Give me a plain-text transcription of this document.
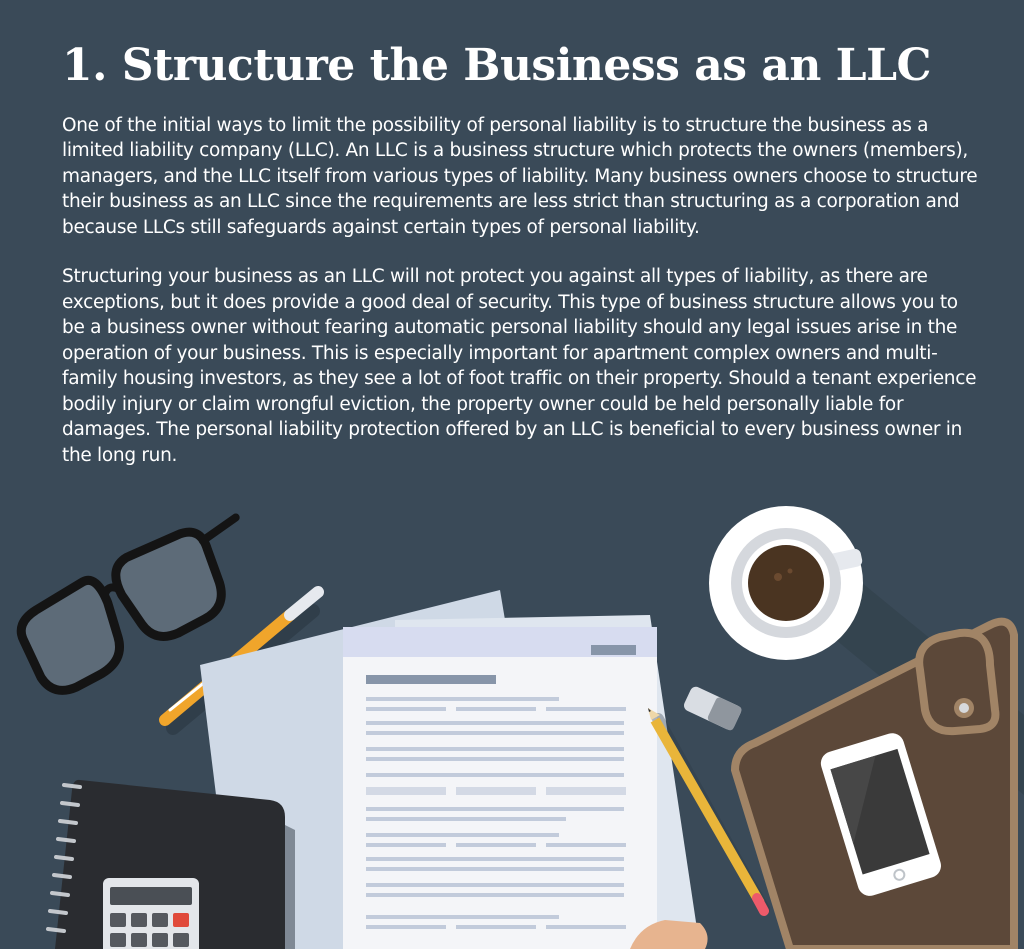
1. Structure the Business as an LLC

One of the initial ways to limit the possibility of personal liability is to structure the business as a limited liability company (LLC). An LLC is a business structure which protects the owners (members), managers, and the LLC itself from various types of liability. Many business owners choose to structure their business as an LLC since the requirements are less strict than structuring as a corporation and because LLCs still safeguards against certain types of personal liability.

Structuring your business as an LLC will not protect you against all types of liability, as there are exceptions, but it does provide a good deal of security. This type of business structure allows you to be a business owner without fearing automatic personal liability should any legal issues arise in the operation of your business. This is especially important for apartment complex owners and multi-family housing investors, as they see a lot of foot traffic on their property. Should a tenant experience bodily injury or claim wrongful eviction, the property owner could be held personally liable for damages. The personal liability protection offered by an LLC is beneficial to every business owner in the long run.
